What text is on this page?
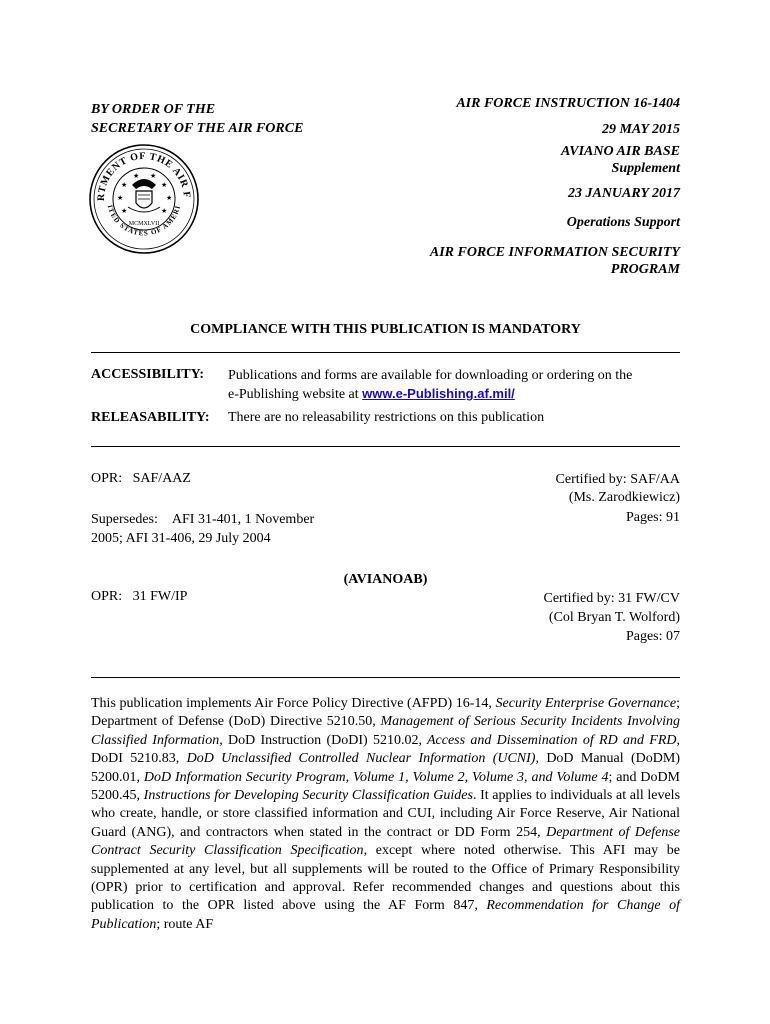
BY ORDER OF THE
SECRETARY OF THE AIR FORCE
RTMENT OF THE AIR F
ITED STATES OF AMERI
★	★
★	★
★	★
★ ★
MCMXLVII
AIR FORCE INSTRUCTION 16-1404
29 MAY 2015
AVIANO AIR BASE
Supplement
23 JANUARY 2017
Operations Support
AIR FORCE INFORMATION SECURITY
PROGRAM
COMPLIANCE WITH THIS PUBLICATION IS MANDATORY
ACCESSIBILITY: Publications and forms are available for downloading or ordering on the
e-Publishing website at www.e-Publishing.af.mil/
RELEASABILITY: There are no releasability restrictions on this publication
OPR: SAF/AAZ	Certified by: SAF/AA
(Ms. Zarodkiewicz)
Supersedes: AFI 31-401, 1 November
2005; AFI 31-406, 29 July 2004
Pages: 91
(AVIANOAB)
OPR: 31 FW/IP	Certified by: 31 FW/CV
(Col Bryan T. Wolford)
Pages: 07
This publication implements Air Force Policy Directive (AFPD) 16-14, Security Enterprise Governance; Department of Defense (DoD) Directive 5210.50, Management of Serious Security Incidents Involving Classified Information, DoD Instruction (DoDI) 5210.02, Access and Dissemination of RD and FRD, DoDI 5210.83, DoD Unclassified Controlled Nuclear Information (UCNI), DoD Manual (DoDM) 5200.01, DoD Information Security Program, Volume 1, Volume 2, Volume 3, and Volume 4; and DoDM 5200.45, Instructions for Developing Security Classification Guides. It applies to individuals at all levels who create, handle, or store classified information and CUI, including Air Force Reserve, Air National Guard (ANG), and contractors when stated in the contract or DD Form 254, Department of Defense Contract Security Classification Specification, except where noted otherwise. This AFI may be supplemented at any level, but all supplements will be routed to the Office of Primary Responsibility (OPR) prior to certification and approval. Refer recommended changes and questions about this publication to the OPR listed above using the AF Form 847, Recommendation for Change of Publication; route AF
